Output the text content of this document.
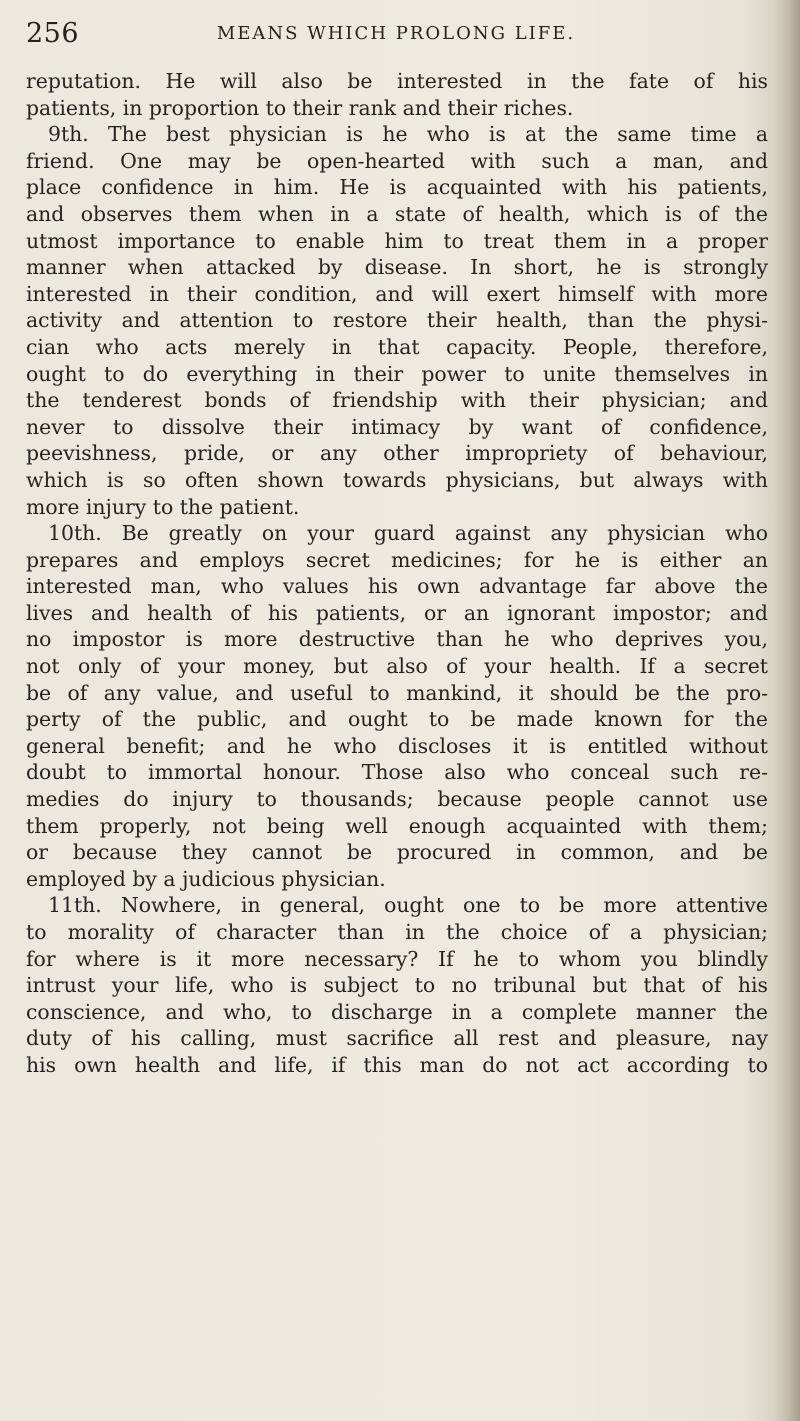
256	MEANS WHICH PROLONG LIFE.
reputation. He will also be interested in the fate of his
patients, in proportion to their rank and their riches.
9th. The best physician is he who is at the same time a
friend. One may be open-hearted with such a man, and
place confidence in him. He is acquainted with his patients,
and observes them when in a state of health, which is of the
utmost importance to enable him to treat them in a proper
manner when attacked by disease. In short, he is strongly
interested in their condition, and will exert himself with more
activity and attention to restore their health, than the physi-
cian who acts merely in that capacity. People, therefore,
ought to do everything in their power to unite themselves in
the tenderest bonds of friendship with their physician; and
never to dissolve their intimacy by want of confidence,
peevishness, pride, or any other impropriety of behaviour,
which is so often shown towards physicians, but always with
more injury to the patient.
10th. Be greatly on your guard against any physician who
prepares and employs secret medicines; for he is either an
interested man, who values his own advantage far above the
lives and health of his patients, or an ignorant impostor; and
no impostor is more destructive than he who deprives you,
not only of your money, but also of your health. If a secret
be of any value, and useful to mankind, it should be the pro-
perty of the public, and ought to be made known for the
general benefit; and he who discloses it is entitled without
doubt to immortal honour. Those also who conceal such re-
medies do injury to thousands; because people cannot use
them properly, not being well enough acquainted with them;
or because they cannot be procured in common, and be
employed by a judicious physician.
11th. Nowhere, in general, ought one to be more attentive
to morality of character than in the choice of a physician;
for where is it more necessary? If he to whom you blindly
intrust your life, who is subject to no tribunal but that of his
conscience, and who, to discharge in a complete manner the
duty of his calling, must sacrifice all rest and pleasure, nay
his own health and life, if this man do not act according to
